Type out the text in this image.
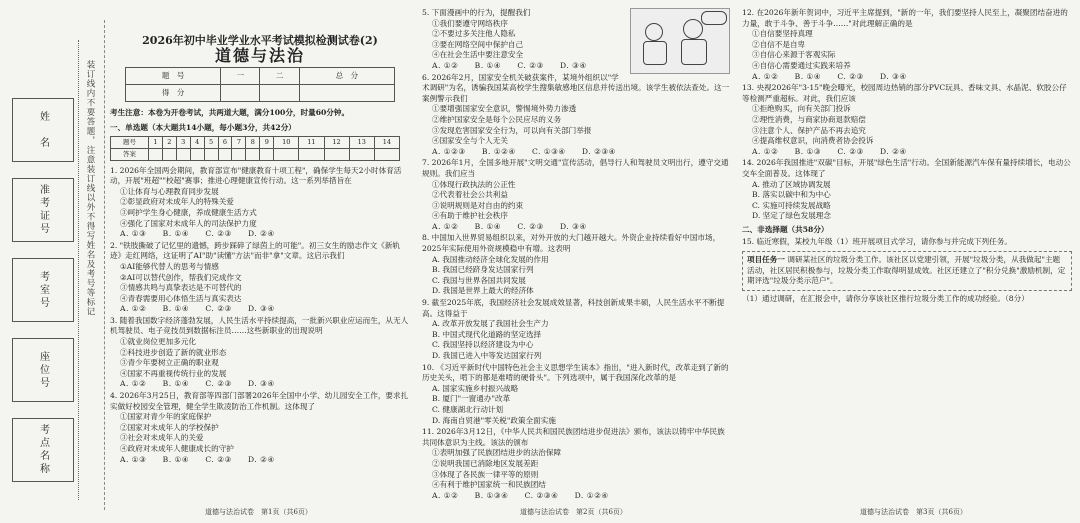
姓　名
准考证号
考室号
座位号
考点名称
装订线内不要答题，注意装订线以外不得写姓名及考号等标记
2026年初中毕业学业水平考试模拟检测试卷(2)
道德与法治
题　号	一	二	总　分
得　分			
考生注意：本卷为开卷考试，共两道大题，满分100分，时量60分钟。
一、单选题（本大题共14小题，每小题3分，共42分）
题号	1	2	3	4	5	6	7	8	9	10	11	12	13	14
答案														
1. 2026年全国两会期间，教育部宣布"健康教育十项工程"，确保学生每天2小时体育活动，开展"班超""校超"赛事；推进心理健康宣传行动。这一系列举措旨在
①让体育与心理教育同步发展
②彰显政府对未成年人的特殊关爱
③呵护学生身心健康，养成健康生活方式
④强化了国家对未成年人的司法保护力度
A. ①③　　B. ①④　　C. ②③　　D. ②④
2. "铁肢撕破了记忆里的遗憾，跨步踩碎了绿茵上的可能"。初三女生的励志作文《新轨迹》走红网络，这证明了AI"助"读懂"方法"而非"拿"文章。这启示我们
①AI能够代替人的思考与情感
②AI可以替代创作，帮我们完成作文
③情感共鸣与真挚表达是不可替代的
④青春需要用心体悟生活与真实表达
A. ①②　　B. ①④　　C. ②③　　D. ③④
3. 随着我国数字经济蓬勃发展，人民生活水平持续提高，一批新兴职业应运而生，从无人机驾驶员、电子竞技员到数据标注员……这些新职业的出现说明
①就业岗位更加多元化
②科技进步创造了新的就业形态
③青少年要树立正确的职业观
④国家不再重视传统行业的发展
A. ①②　　B. ①④　　C. ②③　　D. ③④
4. 2026年3月25日，教育部等四部门部署2026年全国中小学、幼儿园安全工作，要求扎实做好校园安全管理，健全学生欺凌防治工作机制。这体现了
①国家对青少年的家庭保护
②国家对未成年人的学校保护
③社会对未成年人的关爱
④政府对未成年人健康成长的守护
A. ①③　　B. ①④　　C. ②③　　D. ②④
5. 下面漫画中的行为，提醒我们
①我们要遵守网络秩序
②不要过多关注他人隐私
③要在网络空间中保护自己
④在社会生活中要注意安全
A. ①②　　B. ①④　　C. ②③　　D. ③④
6. 2026年2月，国家安全机关破获案件，某境外组织以"学术调研"为名，诱骗我国某高校学生搜集敏感地区信息并传送出境。该学生被依法查处。这一案例警示我们
①要增强国家安全意识，警惕境外势力渗透
②维护国家安全是每个公民应尽的义务
③发现危害国家安全行为，可以向有关部门举报
④国家安全与个人无关
A. ①②③　　B. ①②④　　C. ①③④　　D. ②③④
7. 2026年1月，全国多地开展"文明交通"宣传活动，倡导行人和驾驶员文明出行，遵守交通规则。我们应当
①体现行政执法的公正性
②代表着社会公共利益
③说明规则是对自由的约束
④有助于维护社会秩序
A. ①②　　B. ①④　　C. ②③　　D. ③④
8. 中国加入世界贸易组织以来，对外开放的大门越开越大。外资企业持续看好中国市场，2025年实际使用外资规模稳中有增。这表明
A. 我国推动经济全球化发展的作用
B. 我国已经跻身发达国家行列
C. 我国与世界各国共同发展
D. 我国是世界上最大的经济体
9. 截至2025年底，我国经济社会发展成效显著，科技创新成果丰硕，人民生活水平不断提高。这得益于
A. 改革开放发展了我国社会生产力
B. 中国式现代化道路的坚定选择
C. 我国坚持以经济建设为中心
D. 我国已进入中等发达国家行列
10. 《习近平新时代中国特色社会主义思想学生读本》指出，"进入新时代，改革走到了新的历史关头，啃下的都是难啃的硬骨头"。下列选项中，属于我国深化改革的是
A. 国家实施乡村振兴战略
B. 厦门"一窗通办"改革
C. 健康湖北行动计划
D. 海南自贸港"零关税"政策全面实施
11. 2026年3月12日，《中华人民共和国民族团结进步促进法》颁布，该法以铸牢中华民族共同体意识为主线。该法的颁布
①表明加强了民族团结进步的法治保障
②说明我国已消除地区发展差距
③体现了各民族一律平等的原则
④有利于维护国家统一和民族团结
A. ①②　　B. ①③④　　C. ②③④　　D. ①②④
12. 在2026年新年贺词中，习近平主席提到，"新的一年，我们要坚持人民至上，凝聚团结奋进的力量，敢于斗争、善于斗争……"对此理解正确的是
①自信要坚持真理
②自信不是自卑
③自信心来源于客观实际
④自信心需要通过实践来培养
A. ①②　　B. ①④　　C. ②③　　D. ③④
13. 央视2026年"3·15"晚会曝光，校园周边热销的部分PVC玩具、香味文具、水晶泥、软胶公仔等检测严重超标。对此，我们应该
①拒绝购买，向有关部门投诉
②理性消费，与商家协商退款赔偿
③注意个人、保护产品不再去追究
④提高维权意识，向消费者协会投诉
A. ①②　　B. ①③　　C. ②③　　D. ②④
14. 2026年我国推进"双碳"目标，开展"绿色生活"行动。全国新能源汽车保有量持续增长，电动公交车全面普及。这体现了
A. 推动了区域协调发展
B. 落实以碳中和为中心
C. 实施可持续发展战略
D. 坚定了绿色发展理念
二、非选择题（共58分）
15. 临近寒假，某校九年级（1）班开展项目式学习，请你参与并完成下列任务。
项目任务一 调研某社区的垃圾分类工作。该社区以党建引领，开展"垃圾分类，从我做起"主题活动，社区居民积极参与，垃圾分类工作取得明显成效。社区还建立了"积分兑换"激励机制，定期评选"垃圾分类示范户"。
（1）通过调研，在汇报会中，请你分享该社区推行垃圾分类工作的成功经验。（8分）
道德与法治试卷　第1页（共6页）	道德与法治试卷　第2页（共6页）	道德与法治试卷　第3页（共6页）
